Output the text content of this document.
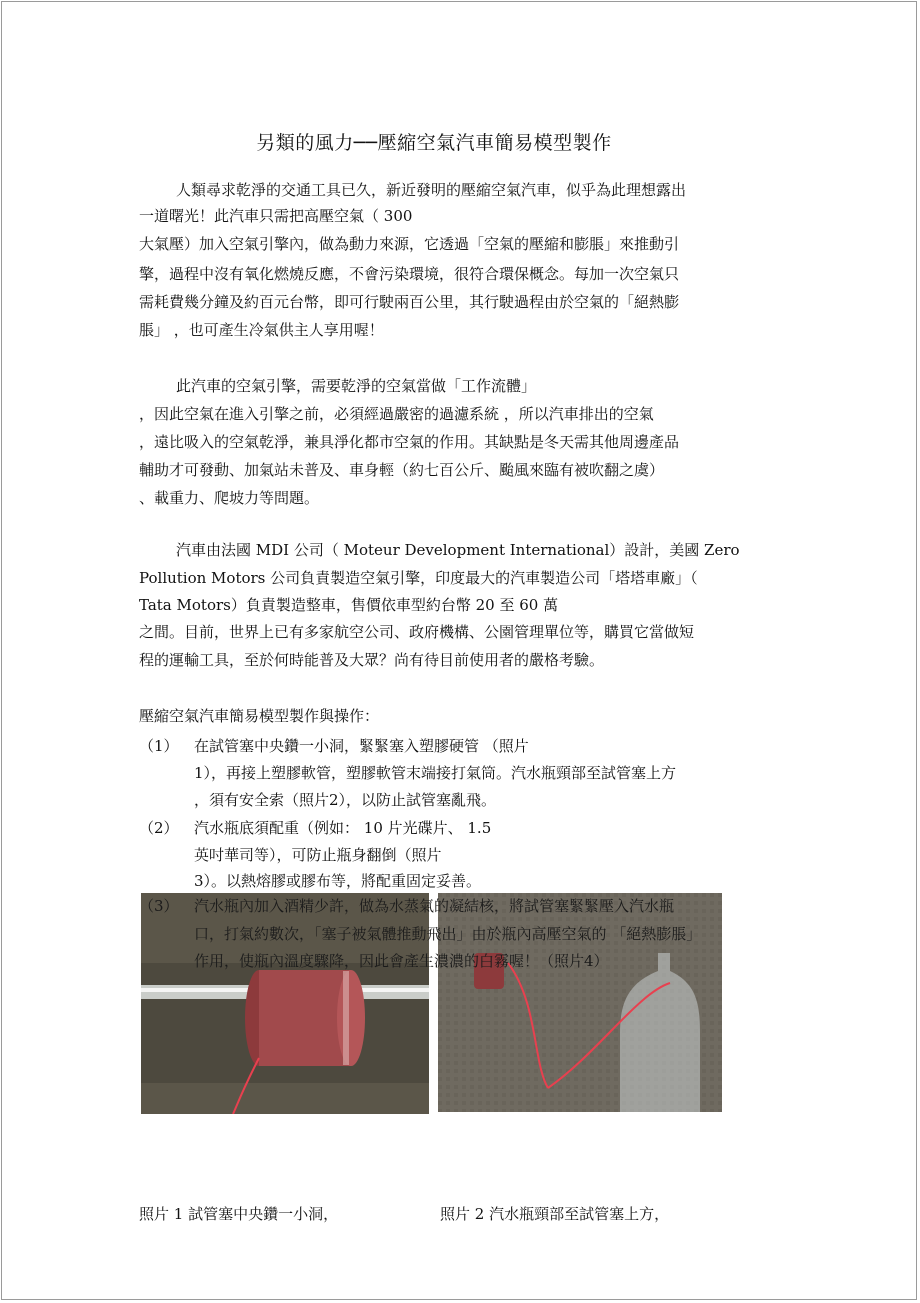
另類的風力──壓縮空氣汽車簡易模型製作
人類尋求乾淨的交通工具已久，新近發明的壓縮空氣汽車，似乎為此理想露出
一道曙光！此汽車只需把高壓空氣（ 300
大氣壓）加入空氣引擎內，做為動力來源，它透過「空氣的壓縮和膨脹」來推動引
擎，過程中沒有氧化燃燒反應，不會污染環境，很符合環保概念。每加一次空氣只
需耗費幾分鐘及約百元台幣，即可行駛兩百公里，其行駛過程由於空氣的「絕熱膨
脹」 ，也可產生冷氣供主人享用喔！
此汽車的空氣引擎，需要乾淨的空氣當做「工作流體」
，因此空氣在進入引擎之前，必須經過嚴密的過濾系統 ，所以汽車排出的空氣
，遠比吸入的空氣乾淨，兼具淨化都市空氣的作用。其缺點是冬天需其他周邊產品
輔助才可發動、加氣站未普及、車身輕（約七百公斤、颱風來臨有被吹翻之虞）
、載重力、爬坡力等問題。
汽車由法國 MDI 公司（ Moteur Development International）設計，美國 Zero
Pollution Motors 公司負責製造空氣引擎，印度最大的汽車製造公司「塔塔車廠」（
Tata Motors）負責製造整車，售價依車型約台幣 20 至 60 萬
之間。目前，世界上已有多家航空公司、政府機構、公園管理單位等，購買它當做短
程的運輸工具，至於何時能普及大眾？尚有待目前使用者的嚴格考驗。
壓縮空氣汽車簡易模型製作與操作：
（1） 在試管塞中央鑽一小洞，緊緊塞入塑膠硬管 （照片
1），再接上塑膠軟管，塑膠軟管末端接打氣筒。汽水瓶頸部至試管塞上方
，須有安全索（照片2），以防止試管塞亂飛。
（2） 汽水瓶底須配重（例如： 10 片光碟片、 1.5
英吋華司等），可防止瓶身翻倒（照片
3）。以熱熔膠或膠布等，將配重固定妥善。
（3） 汽水瓶內加入酒精少許，做為水蒸氣的凝結核，將試管塞緊緊壓入汽水瓶
口，打氣約數次，「塞子被氣體推動飛出」由於瓶內高壓空氣的 「絕熱膨脹」
作用，使瓶內溫度驟降，因此會產生濃濃的白霧喔！（照片4）
照片 1 試管塞中央鑽一小洞，	照片 2 汽水瓶頸部至試管塞上方，
